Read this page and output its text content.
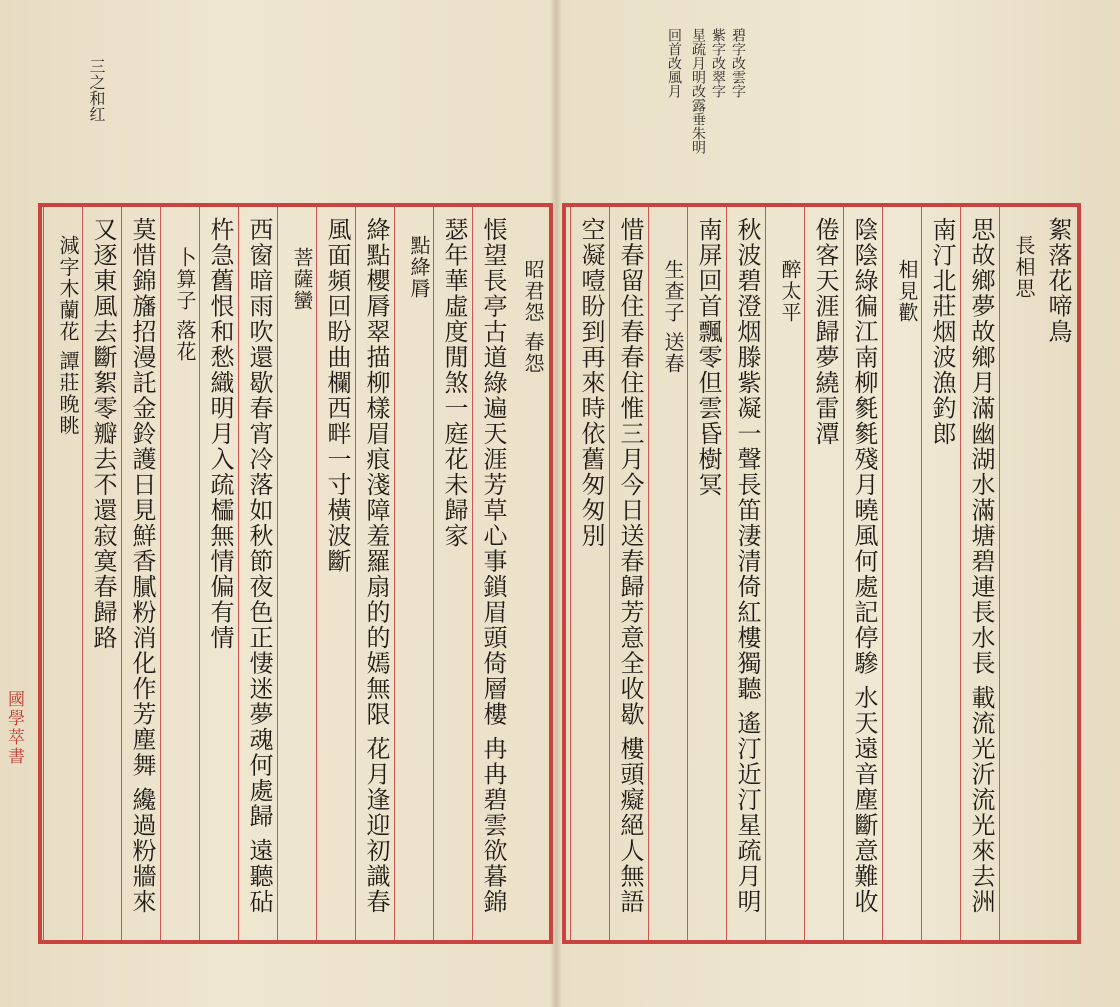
三之和红	碧字改雲字
紫字改翠字
星疏月明改露垂朱明
回首改風月
國學萃書
昭君怨 春怨
悵望長亭古道綠遍天涯芳草心事鎖眉頭倚層樓 冉冉碧雲欲暮錦
瑟年華虛度閒煞一庭花未歸家
點絳脣
絳點櫻脣翠描柳樣眉痕淺障羞羅扇的的嫣無限 花月逢迎初識春
風面頻回盼曲欄西畔一寸橫波斷
菩薩蠻
西窗暗雨吹還歇春宵冷落如秋節夜色正悽迷夢魂何處歸 遠聽砧
杵急舊恨和愁織明月入疏櫺無情偏有情
卜算子 落花
莫惜錦旛招漫託金鈴護日見鮮香膩粉消化作芳塵舞 纔過粉牆來
又逐東風去斷絮零瓣去不還寂寞春歸路
減字木蘭花 譚莊晚眺	絮落花啼鳥
長相思
思故鄉夢故鄉月滿幽湖水滿塘碧連長水長 載流光沂流光來去洲
南汀北莊烟波漁釣郎
相見歡
陰陰綠徧江南柳毿毿殘月曉風何處記停驂 水天遠音塵斷意難收
倦客天涯歸夢繞雷潭
醉太平
秋波碧澄烟滕紫凝一聲長笛淒清倚紅樓獨聽 遙汀近汀星疏月明
南屏回首飄零但雲昏樹冥
生查子 送春
惜春留住春春住惟三月今日送春歸芳意全收歇 樓頭癡絕人無語
空凝噎盼到再來時依舊匆匆別
